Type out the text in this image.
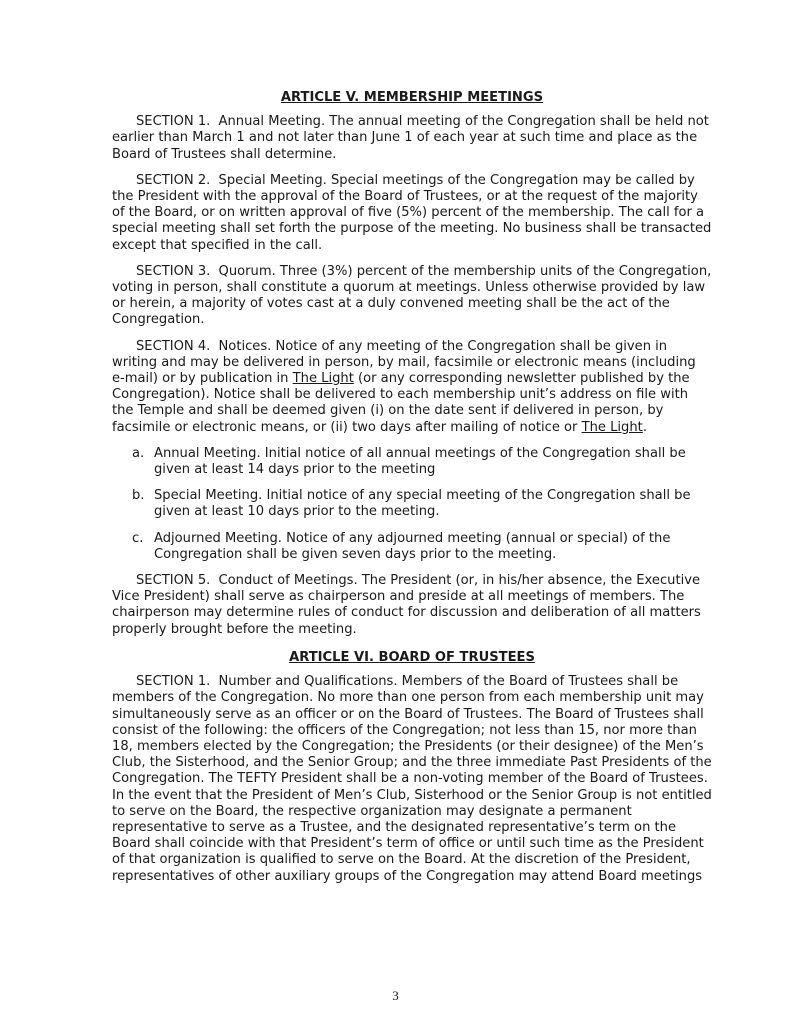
ARTICLE V. MEMBERSHIP MEETINGS

SECTION 1. Annual Meeting. The annual meeting of the Congregation shall be held not earlier than March 1 and not later than June 1 of each year at such time and place as the Board of Trustees shall determine.

SECTION 2. Special Meeting. Special meetings of the Congregation may be called by the President with the approval of the Board of Trustees, or at the request of the majority of the Board, or on written approval of five (5%) percent of the membership. The call for a special meeting shall set forth the purpose of the meeting. No business shall be transacted except that specified in the call.

SECTION 3. Quorum. Three (3%) percent of the membership units of the Congregation, voting in person, shall constitute a quorum at meetings. Unless otherwise provided by law or herein, a majority of votes cast at a duly convened meeting shall be the act of the Congregation.

SECTION 4. Notices. Notice of any meeting of the Congregation shall be given in writing and may be delivered in person, by mail, facsimile or electronic means (including e-mail) or by publication in The Light (or any corresponding newsletter published by the Congregation). Notice shall be delivered to each membership unit’s address on file with the Temple and shall be deemed given (i) on the date sent if delivered in person, by facsimile or electronic means, or (ii) two days after mailing of notice or The Light.

a. Annual Meeting. Initial notice of all annual meetings of the Congregation shall be given at least 14 days prior to the meeting
b. Special Meeting. Initial notice of any special meeting of the Congregation shall be given at least 10 days prior to the meeting.
c. Adjourned Meeting. Notice of any adjourned meeting (annual or special) of the Congregation shall be given seven days prior to the meeting.

SECTION 5. Conduct of Meetings. The President (or, in his/her absence, the Executive Vice President) shall serve as chairperson and preside at all meetings of members. The chairperson may determine rules of conduct for discussion and deliberation of all matters properly brought before the meeting.

ARTICLE VI. BOARD OF TRUSTEES

SECTION 1. Number and Qualifications. Members of the Board of Trustees shall be members of the Congregation. No more than one person from each membership unit may simultaneously serve as an officer or on the Board of Trustees. The Board of Trustees shall consist of the following: the officers of the Congregation; not less than 15, nor more than 18, members elected by the Congregation; the Presidents (or their designee) of the Men’s Club, the Sisterhood, and the Senior Group; and the three immediate Past Presidents of the Congregation. The TEFTY President shall be a non-voting member of the Board of Trustees. In the event that the President of Men’s Club, Sisterhood or the Senior Group is not entitled to serve on the Board, the respective organization may designate a permanent representative to serve as a Trustee, and the designated representative’s term on the Board shall coincide with that President’s term of office or until such time as the President of that organization is qualified to serve on the Board. At the discretion of the President, representatives of other auxiliary groups of the Congregation may attend Board meetings

3
